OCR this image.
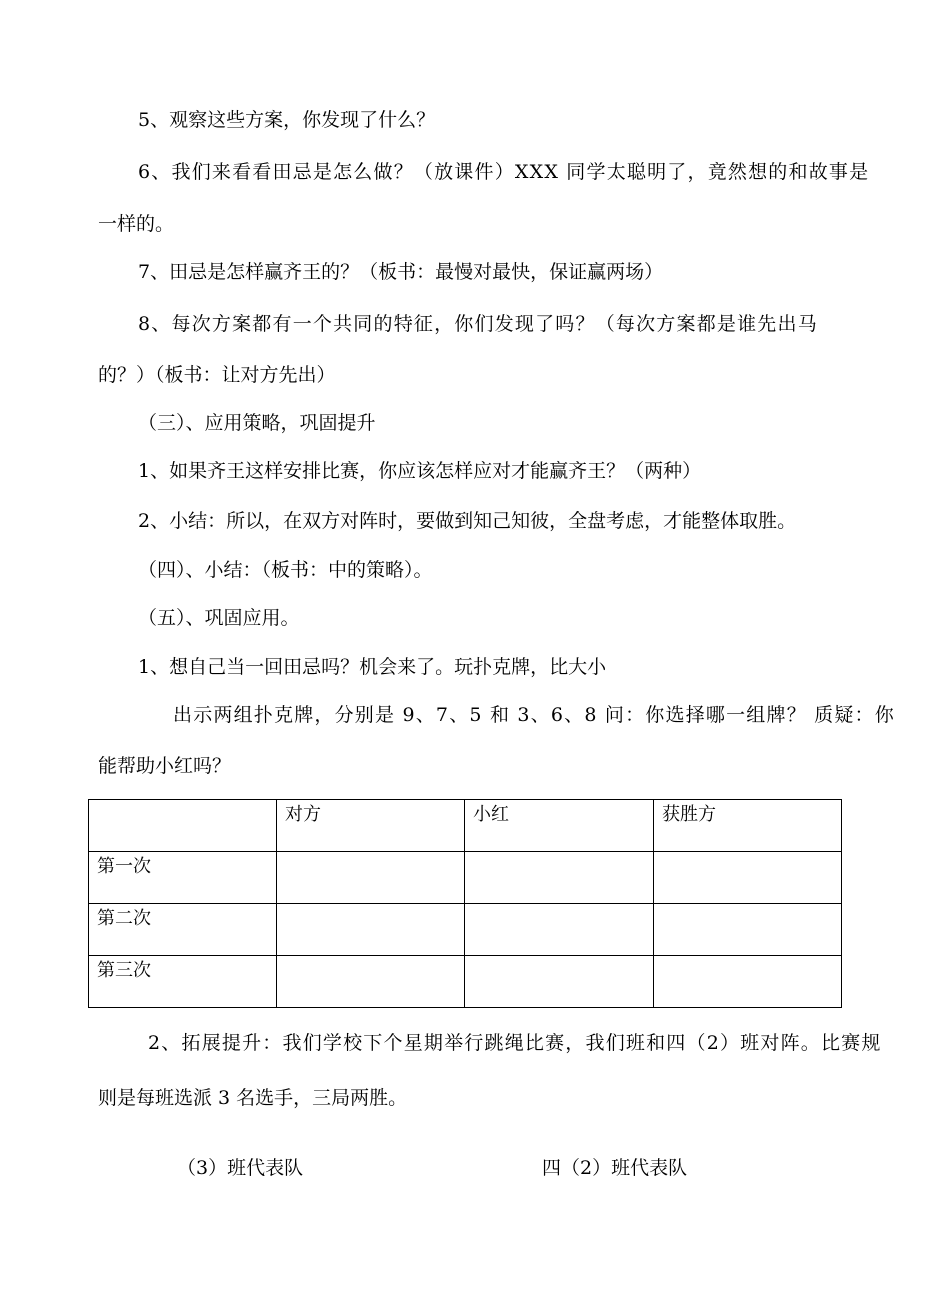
5、观察这些方案，你发现了什么？

6、我们来看看田忌是怎么做？（放课件）XXX 同学太聪明了，竟然想的和故事是

一样的。

7、田忌是怎样赢齐王的？（板书：最慢对最快，保证赢两场）

8、每次方案都有一个共同的特征，你们发现了吗？（每次方案都是谁先出马

的？）（板书：让对方先出）

（三）、应用策略，巩固提升

1、如果齐王这样安排比赛，你应该怎样应对才能赢齐王？（两种）

2、小结：所以，在双方对阵时，要做到知己知彼，全盘考虑，才能整体取胜。

（四）、小结：（板书：中的策略）。

（五）、巩固应用。

1、想自己当一回田忌吗？机会来了。玩扑克牌，比大小

出示两组扑克牌，分别是 9、7、5 和 3、6、8 问：你选择哪一组牌？ 质疑：你

能帮助小红吗？

	对方	小红	获胜方
第一次			
第二次			
第三次			

2、拓展提升：我们学校下个星期举行跳绳比赛，我们班和四（2）班对阵。比赛规

则是每班选派 3 名选手，三局两胜。

（3）班代表队	四（2）班代表队
